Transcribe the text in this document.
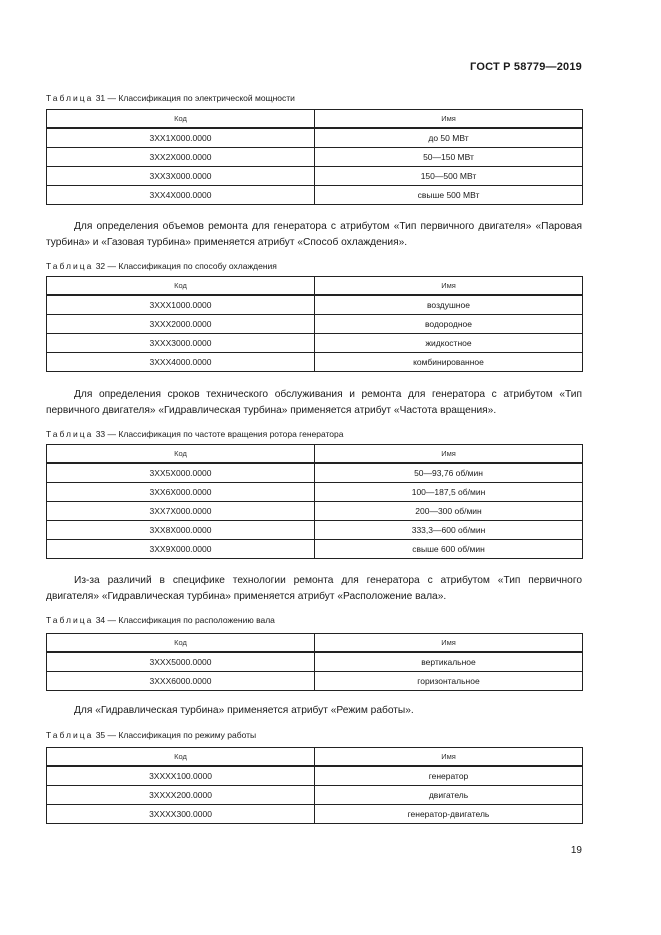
ГОСТ Р 58779—2019
Таблица 31 — Классификация по электрической мощности
Код	Имя
3XX1X000.0000	до 50 МВт
3XX2X000.0000	50—150 МВт
3XX3X000.0000	150—500 МВт
3XX4X000.0000	свыше 500 МВт

Для определения объемов ремонта для генератора с атрибутом «Тип первичного двигателя» «Паровая турбина» и «Газовая турбина» применяется атрибут «Способ охлаждения».

Таблица 32 — Классификация по способу охлаждения
Код	Имя
3XXX1000.0000	воздушное
3XXX2000.0000	водородное
3XXX3000.0000	жидкостное
3XXX4000.0000	комбинированное

Для определения сроков технического обслуживания и ремонта для генератора с атрибутом «Тип первичного двигателя» «Гидравлическая турбина» применяется атрибут «Частота вращения».

Таблица 33 — Классификация по частоте вращения ротора генератора
Код	Имя
3XX5X000.0000	50—93,76 об/мин
3XX6X000.0000	100—187,5 об/мин
3XX7X000.0000	200—300 об/мин
3XX8X000.0000	333,3—600 об/мин
3XX9X000.0000	свыше 600 об/мин

Из-за различий в специфике технологии ремонта для генератора с атрибутом «Тип первичного двигателя» «Гидравлическая турбина» применяется атрибут «Расположение вала».

Таблица 34 — Классификация по расположению вала
Код	Имя
3XXX5000.0000	вертикальное
3XXX6000.0000	горизонтальное

Для «Гидравлическая турбина» применяется атрибут «Режим работы».

Таблица 35 — Классификация по режиму работы
Код	Имя
3XXXX100.0000	генератор
3XXXX200.0000	двигатель
3XXXX300.0000	генератор-двигатель
19
